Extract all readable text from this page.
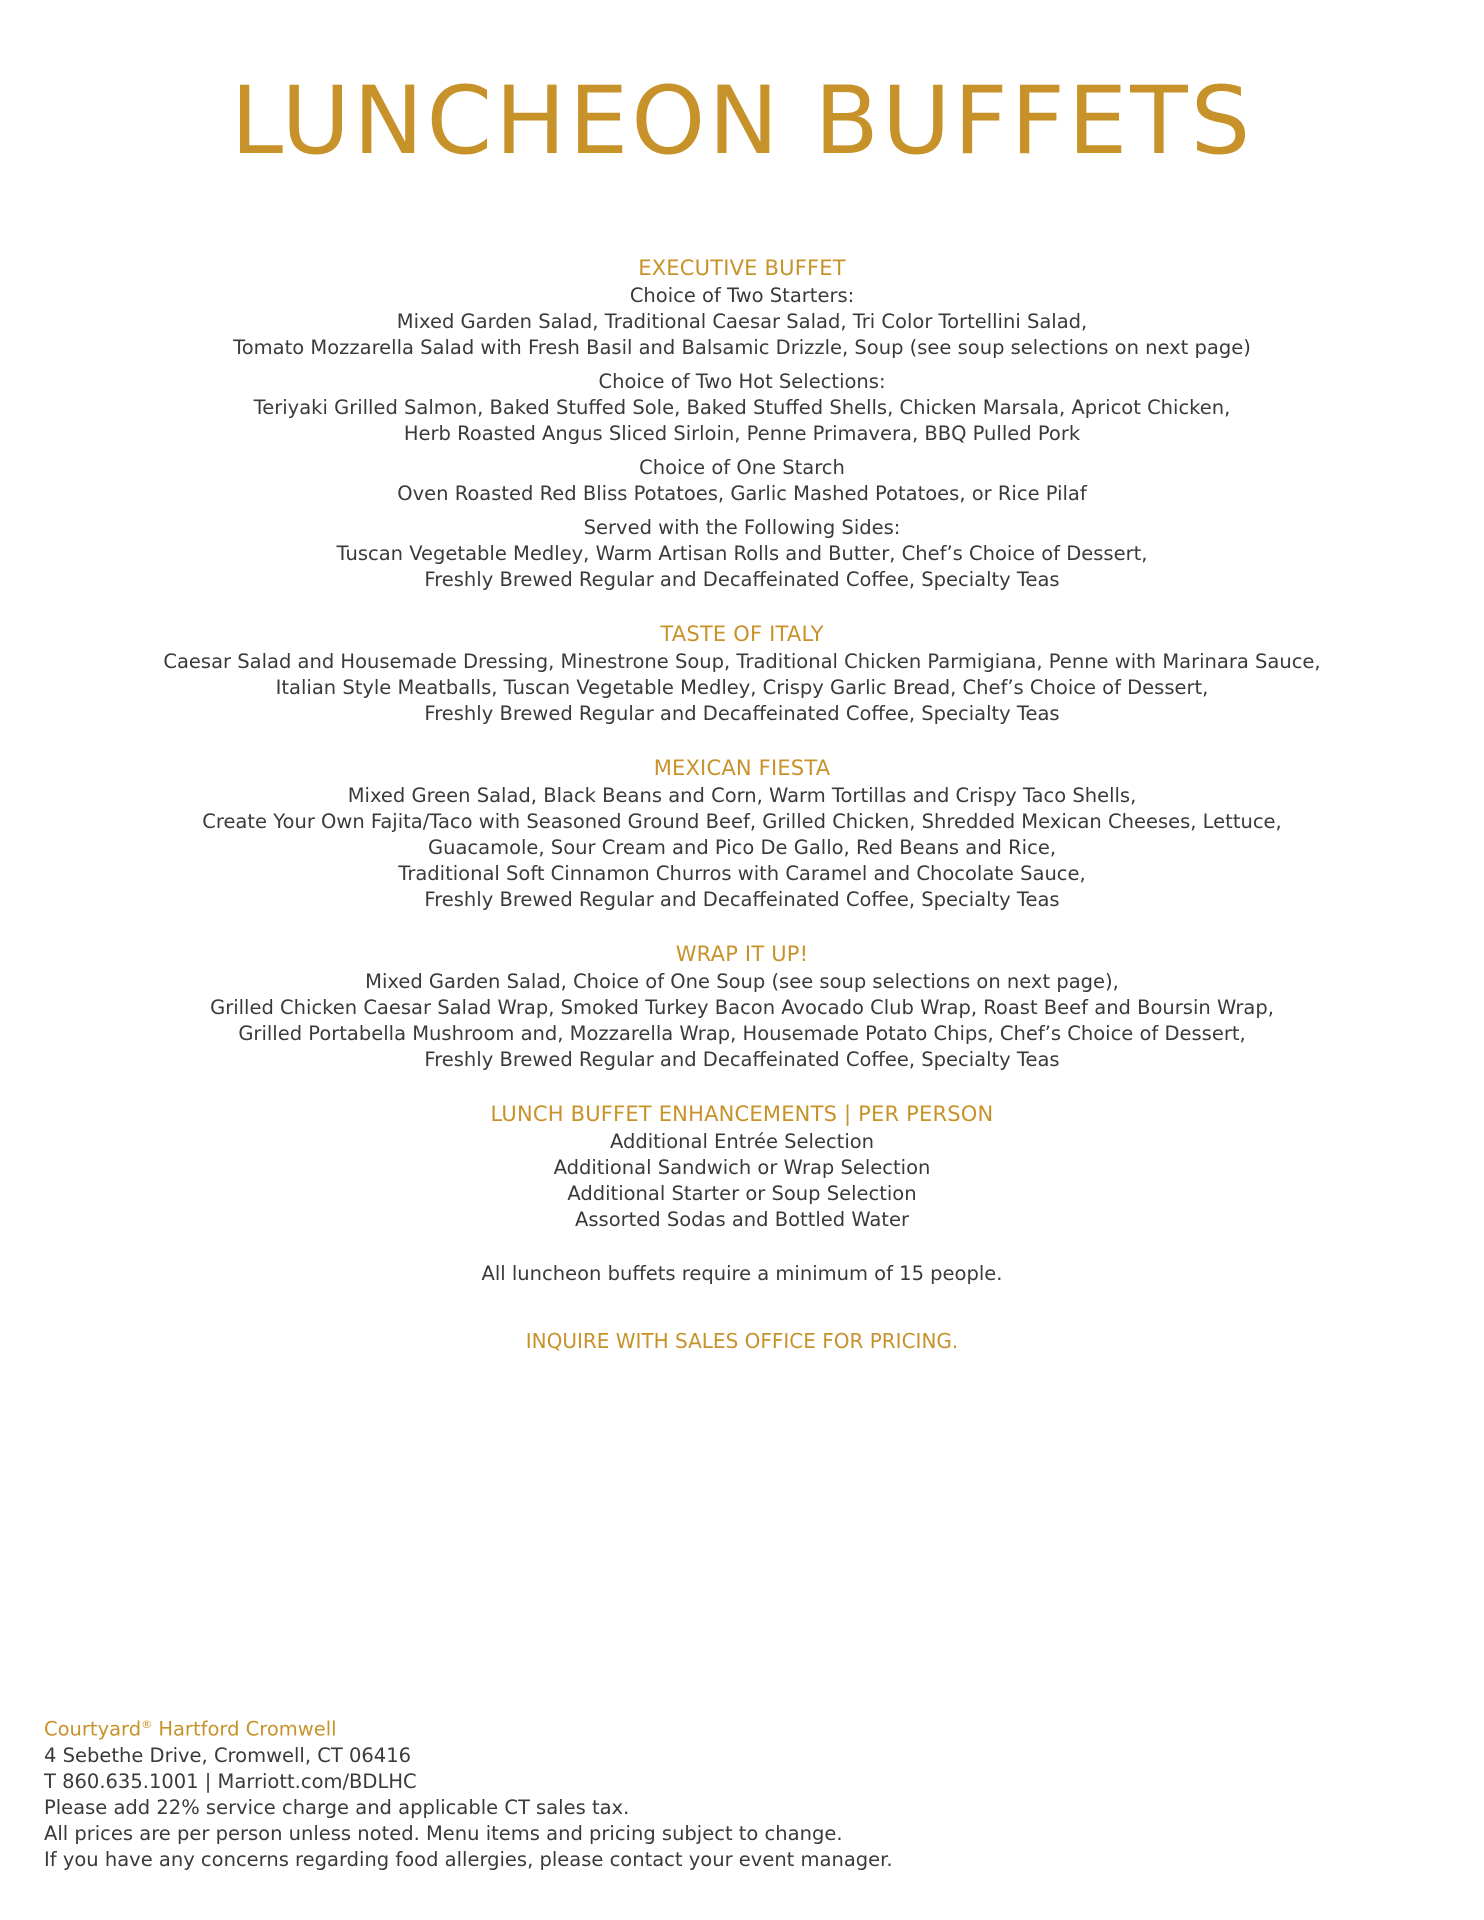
LUNCHEON BUFFETS

EXECUTIVE BUFFET

Choice of Two Starters:

Mixed Garden Salad, Traditional Caesar Salad, Tri Color Tortellini Salad,

Tomato Mozzarella Salad with Fresh Basil and Balsamic Drizzle, Soup (see soup selections on next page)

Choice of Two Hot Selections:

Teriyaki Grilled Salmon, Baked Stuffed Sole, Baked Stuffed Shells, Chicken Marsala, Apricot Chicken,

Herb Roasted Angus Sliced Sirloin, Penne Primavera, BBQ Pulled Pork

Choice of One Starch

Oven Roasted Red Bliss Potatoes, Garlic Mashed Potatoes, or Rice Pilaf

Served with the Following Sides:

Tuscan Vegetable Medley, Warm Artisan Rolls and Butter, Chef’s Choice of Dessert,

Freshly Brewed Regular and Decaffeinated Coffee, Specialty Teas

TASTE OF ITALY

Caesar Salad and Housemade Dressing, Minestrone Soup, Traditional Chicken Parmigiana, Penne with Marinara Sauce,

Italian Style Meatballs, Tuscan Vegetable Medley, Crispy Garlic Bread, Chef’s Choice of Dessert,

Freshly Brewed Regular and Decaffeinated Coffee, Specialty Teas

MEXICAN FIESTA

Mixed Green Salad, Black Beans and Corn, Warm Tortillas and Crispy Taco Shells,

Create Your Own Fajita/Taco with Seasoned Ground Beef, Grilled Chicken, Shredded Mexican Cheeses, Lettuce,

Guacamole, Sour Cream and Pico De Gallo, Red Beans and Rice,

Traditional Soft Cinnamon Churros with Caramel and Chocolate Sauce,

Freshly Brewed Regular and Decaffeinated Coffee, Specialty Teas

WRAP IT UP!

Mixed Garden Salad, Choice of One Soup (see soup selections on next page),

Grilled Chicken Caesar Salad Wrap, Smoked Turkey Bacon Avocado Club Wrap, Roast Beef and Boursin Wrap,

Grilled Portabella Mushroom and, Mozzarella Wrap, Housemade Potato Chips, Chef’s Choice of Dessert,

Freshly Brewed Regular and Decaffeinated Coffee, Specialty Teas

LUNCH BUFFET ENHANCEMENTS | PER PERSON

Additional Entrée Selection

Additional Sandwich or Wrap Selection

Additional Starter or Soup Selection

Assorted Sodas and Bottled Water

All luncheon buffets require a minimum of 15 people.

INQUIRE WITH SALES OFFICE FOR PRICING.

Courtyard® Hartford Cromwell

4 Sebethe Drive, Cromwell, CT 06416

T 860.635.1001 | Marriott.com/BDLHC

Please add 22% service charge and applicable CT sales tax.

All prices are per person unless noted. Menu items and pricing subject to change.

If you have any concerns regarding food allergies, please contact your event manager.
